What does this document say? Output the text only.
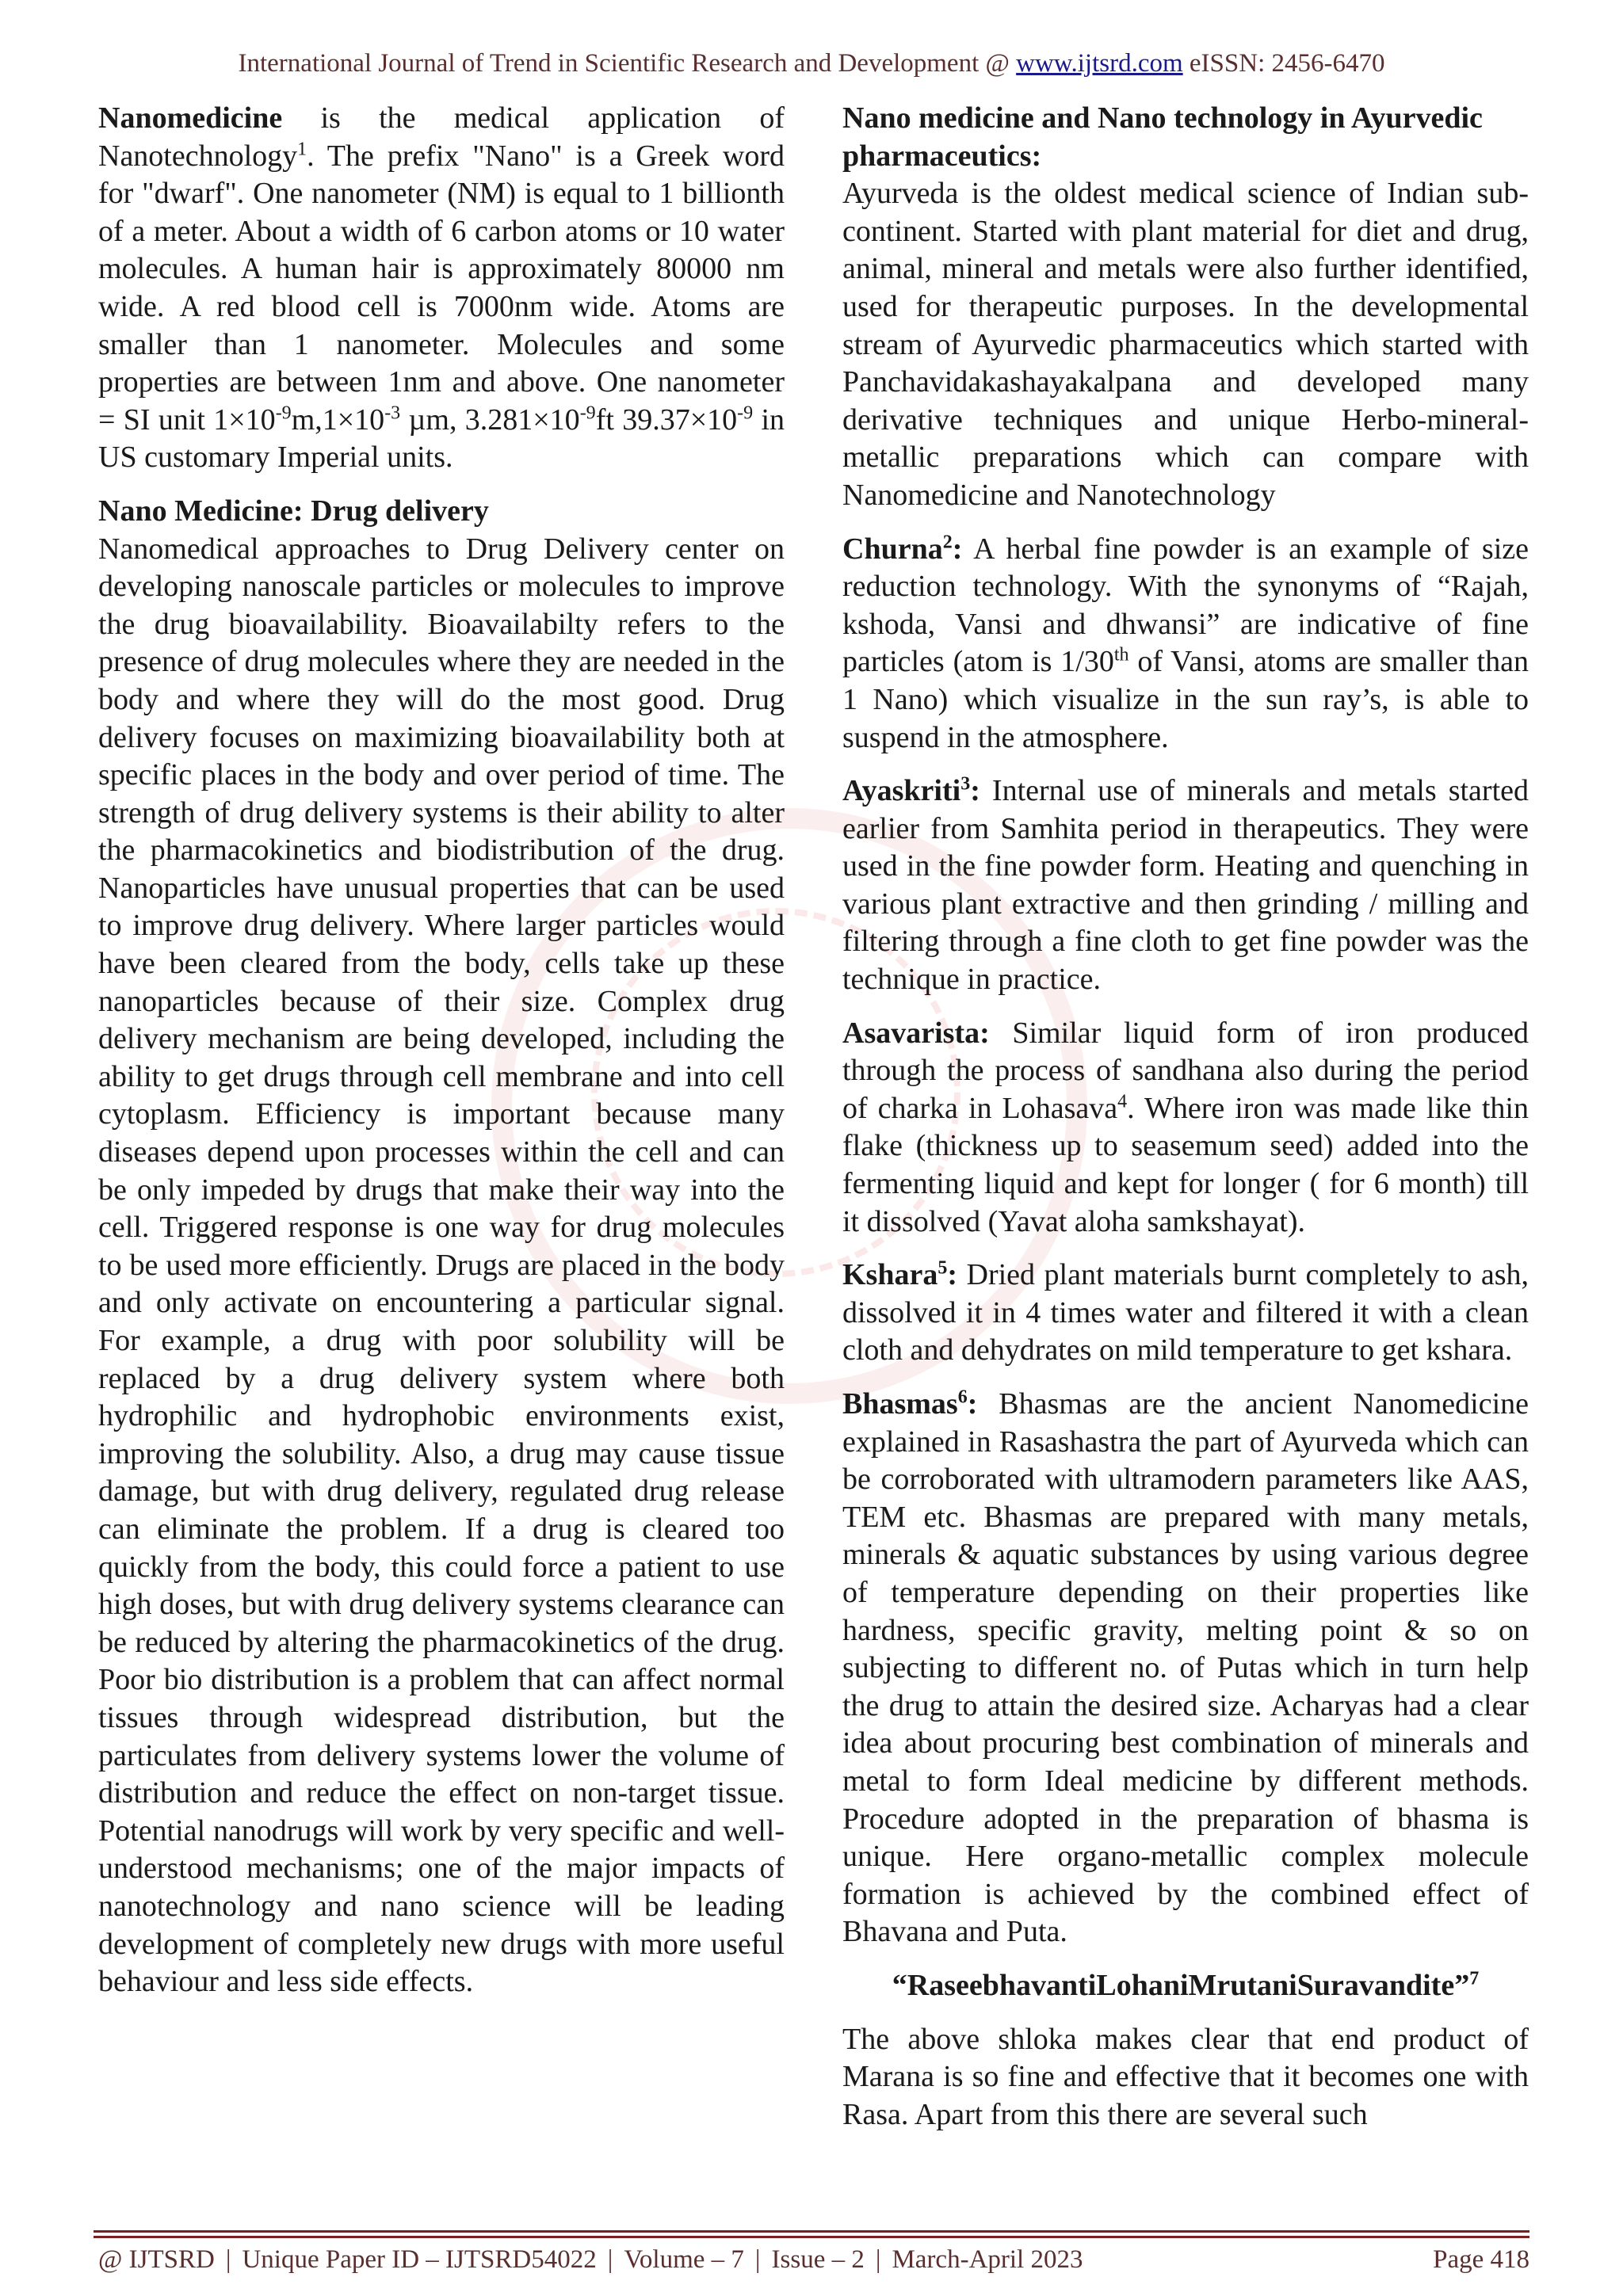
International Journal of Trend in Scientific Research and Development @ www.ijtsrd.com eISSN: 2456-6470

Nanomedicine is the medical application of Nanotechnology$^1$. The prefix "Nano" is a Greek word for "dwarf". One nanometer (NM) is equal to 1 billionth of a meter. About a width of 6 carbon atoms or 10 water molecules. A human hair is approximately 80000 nm wide. A red blood cell is 7000nm wide. Atoms are smaller than 1 nanometer. Molecules and some properties are between 1nm and above. One nanometer = SI unit $1\times 10^{-9}m,1\times 10^{-3}$ µm, $3.281\times 10^{-9}ft$ $39.37\times 10^{-9}$ in US customary Imperial units.

Nano Medicine: Drug delivery

Nanomedical approaches to Drug Delivery center on developing nanoscale particles or molecules to improve the drug bioavailability. Bioavailabilty refers to the presence of drug molecules where they are needed in the body and where they will do the most good. Drug delivery focuses on maximizing bioavailability both at specific places in the body and over period of time. The strength of drug delivery systems is their ability to alter the pharmacokinetics and biodistribution of the drug. Nanoparticles have unusual properties that can be used to improve drug delivery. Where larger particles would have been cleared from the body, cells take up these nanoparticles because of their size. Complex drug delivery mechanism are being developed, including the ability to get drugs through cell membrane and into cell cytoplasm. Efficiency is important because many diseases depend upon processes within the cell and can be only impeded by drugs that make their way into the cell. Triggered response is one way for drug molecules to be used more efficiently. Drugs are placed in the body and only activate on encountering a particular signal. For example, a drug with poor solubility will be replaced by a drug delivery system where both hydrophilic and hydrophobic environments exist, improving the solubility. Also, a drug may cause tissue damage, but with drug delivery, regulated drug release can eliminate the problem. If a drug is cleared too quickly from the body, this could force a patient to use high doses, but with drug delivery systems clearance can be reduced by altering the pharmacokinetics of the drug. Poor bio distribution is a problem that can affect normal tissues through widespread distribution, but the particulates from delivery systems lower the volume of distribution and reduce the effect on non-target tissue. Potential nanodrugs will work by very specific and well-understood mechanisms; one of the major impacts of nanotechnology and nano science will be leading development of completely new drugs with more useful behaviour and less side effects.

Nano medicine and Nano technology in Ayurvedic pharmaceutics:

Ayurveda is the oldest medical science of Indian sub-continent. Started with plant material for diet and drug, animal, mineral and metals were also further identified, used for therapeutic purposes. In the developmental stream of Ayurvedic pharmaceutics which started with Panchavidakashayakalpana and developed many derivative techniques and unique Herbo-mineral-metallic preparations which can compare with Nanomedicine and Nanotechnology

Churna$^2$: A herbal fine powder is an example of size reduction technology. With the synonyms of “Rajah, kshoda, Vansi and dhwansi” are indicative of fine particles (atom is 1/30th of Vansi, atoms are smaller than 1 Nano) which visualize in the sun ray’s, is able to suspend in the atmosphere.

Ayaskriti$^3$: Internal use of minerals and metals started earlier from Samhita period in therapeutics. They were used in the fine powder form. Heating and quenching in various plant extractive and then grinding / milling and filtering through a fine cloth to get fine powder was the technique in practice.

Asavarista: Similar liquid form of iron produced through the process of sandhana also during the period of charka in Lohasava$^4$. Where iron was made like thin flake (thickness up to seasemum seed) added into the fermenting liquid and kept for longer ( for 6 month) till it dissolved (Yavat aloha samkshayat).

Kshara$^5$: Dried plant materials burnt completely to ash, dissolved it in 4 times water and filtered it with a clean cloth and dehydrates on mild temperature to get kshara.

Bhasmas$^6$: Bhasmas are the ancient Nanomedicine explained in Rasashastra the part of Ayurveda which can be corroborated with ultramodern parameters like AAS, TEM etc. Bhasmas are prepared with many metals, minerals & aquatic substances by using various degree of temperature depending on their properties like hardness, specific gravity, melting point & so on subjecting to different no. of Putas which in turn help the drug to attain the desired size. Acharyas had a clear idea about procuring best combination of minerals and metal to form Ideal medicine by different methods. Procedure adopted in the preparation of bhasma is unique. Here organo-metallic complex molecule formation is achieved by the combined effect of Bhavana and Puta.

“RaseebhavantiLohaniMrutaniSuravandite”$^7$

The above shloka makes clear that end product of Marana is so fine and effective that it becomes one with Rasa. Apart from this there are several such

@ IJTSRD | Unique Paper ID – IJTSRD54022 | Volume – 7 | Issue – 2 | March-April 2023	Page 418
